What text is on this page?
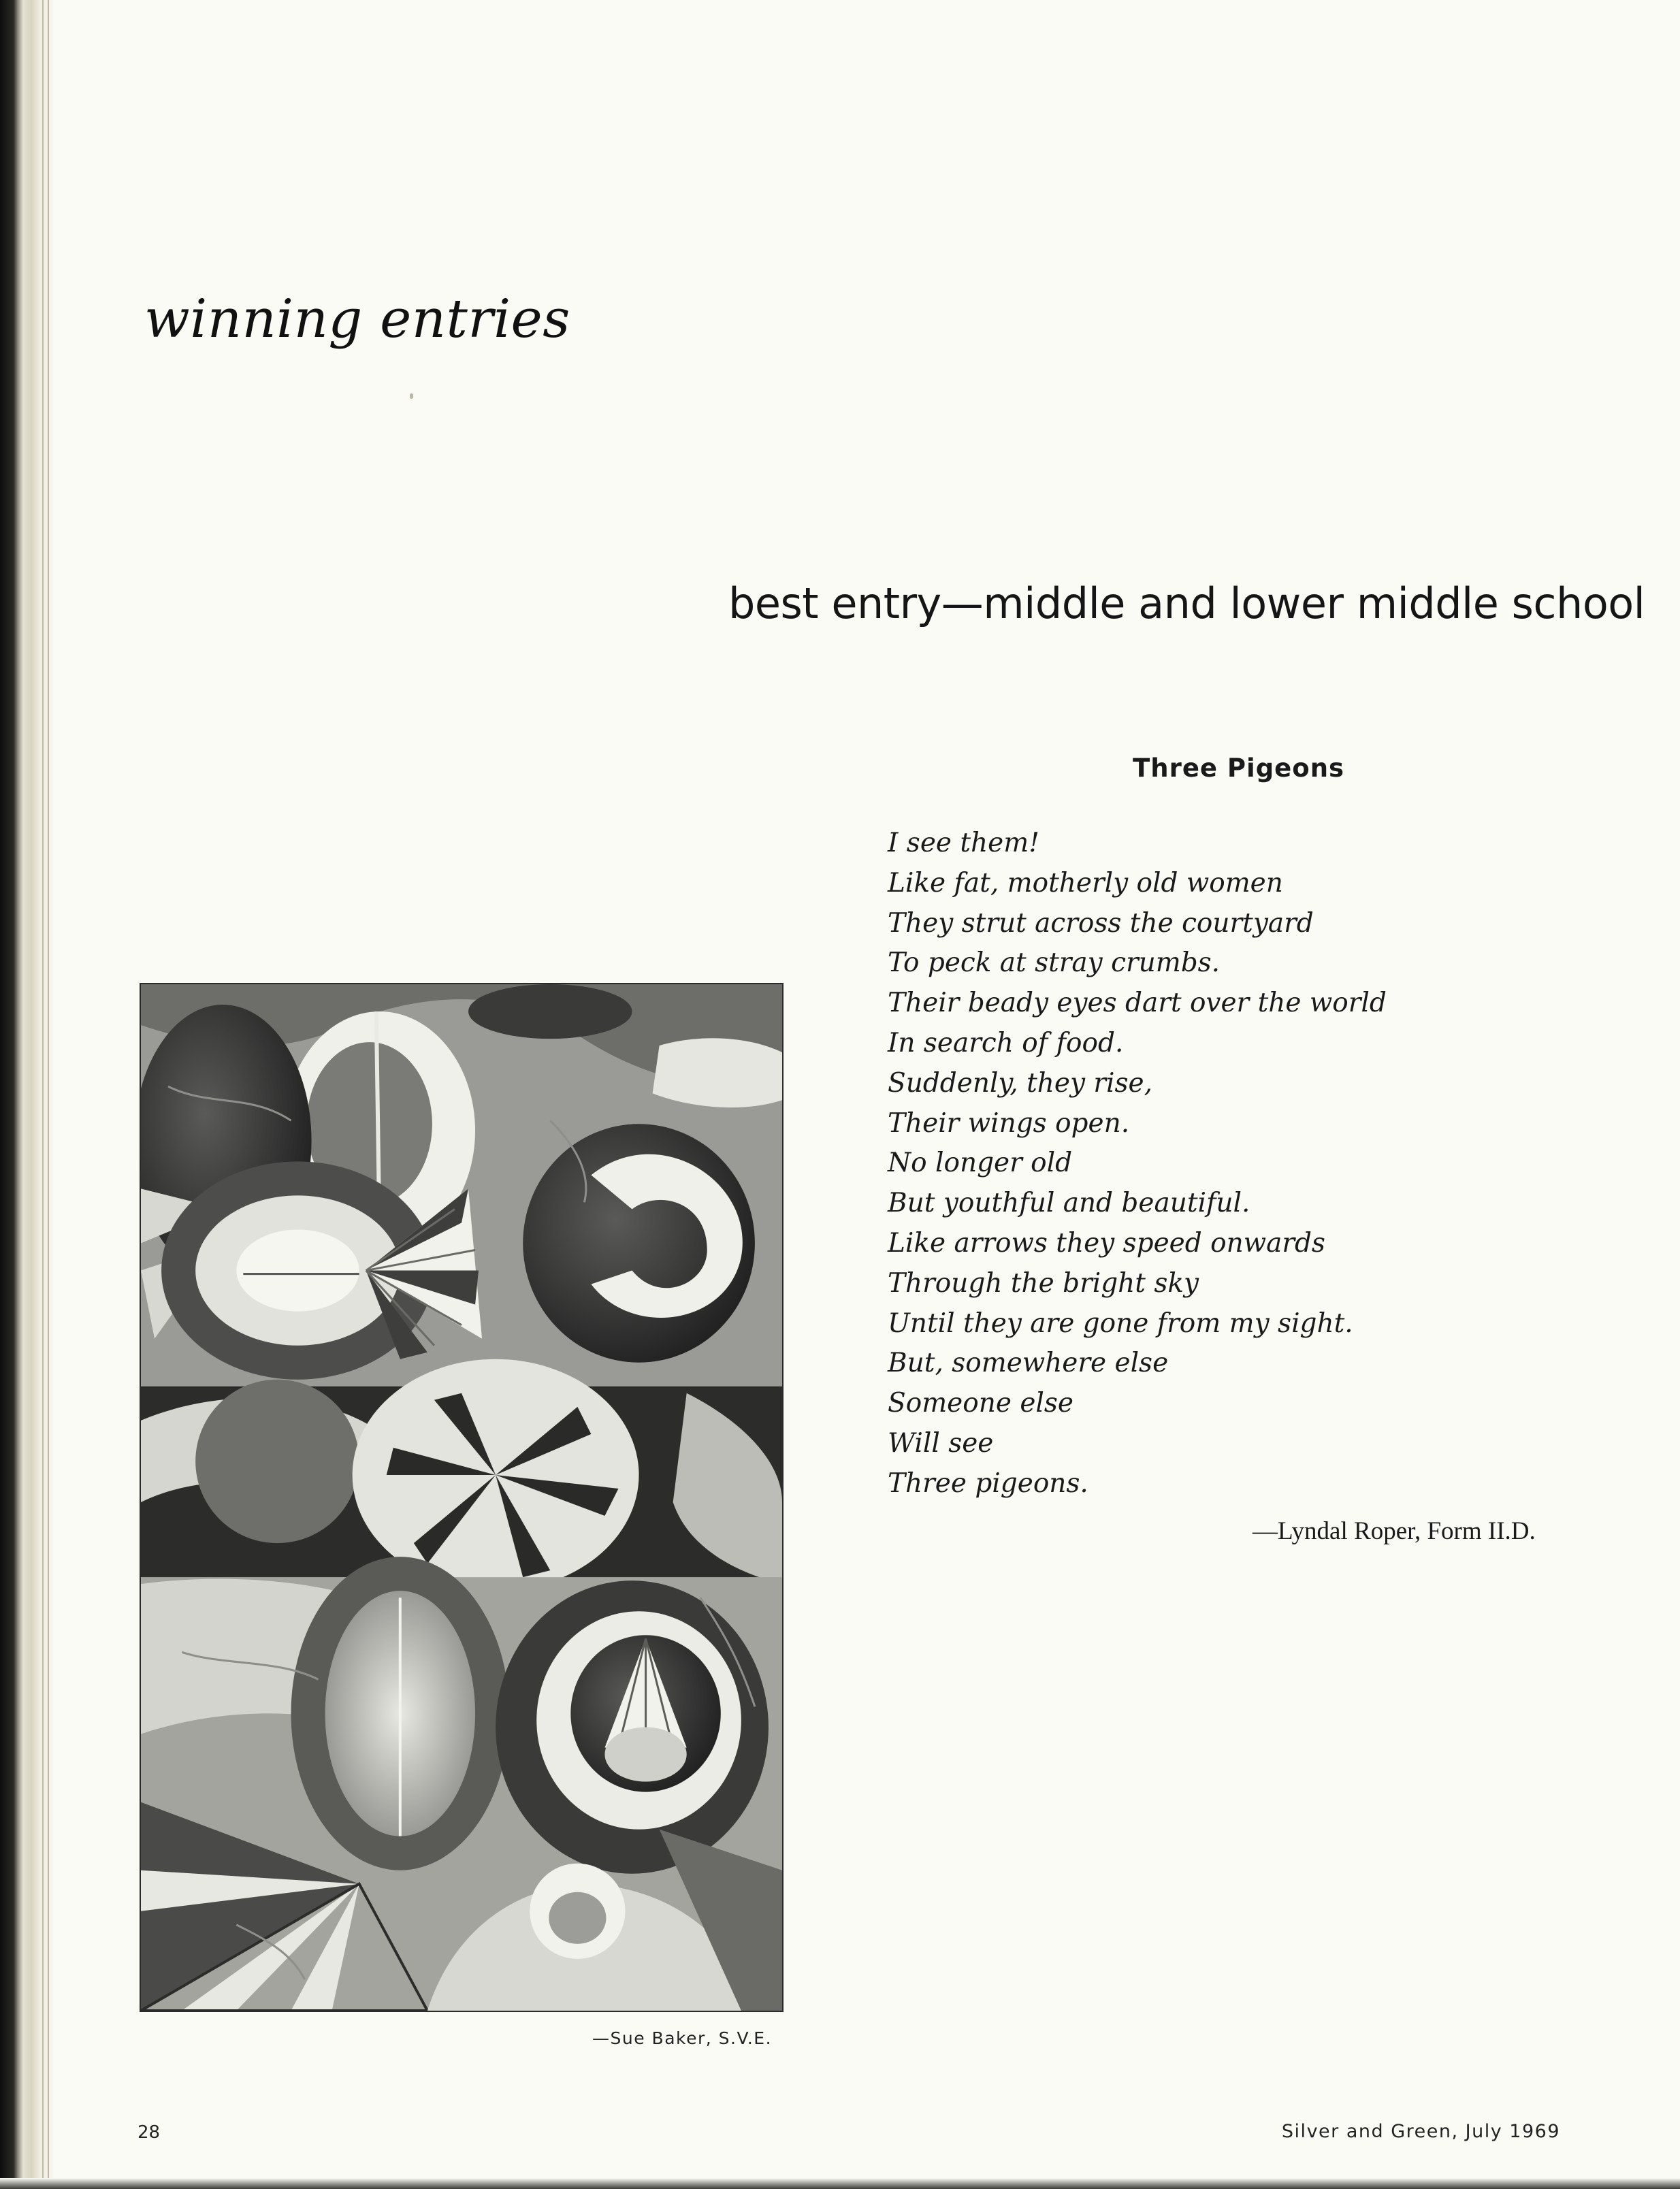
winning entries
best entry—middle and lower middle school
Three Pigeons
I see them!
Like fat, motherly old women
They strut across the courtyard
To peck at stray crumbs.
Their beady eyes dart over the world
In search of food.
Suddenly, they rise,
Their wings open.
No longer old
But youthful and beautiful.
Like arrows they speed onwards
Through the bright sky
Until they are gone from my sight.
But, somewhere else
Someone else
Will see
Three pigeons.
—Lyndal Roper, Form II.D.
—Sue Baker, S.V.E.
28	Silver and Green, July 1969
